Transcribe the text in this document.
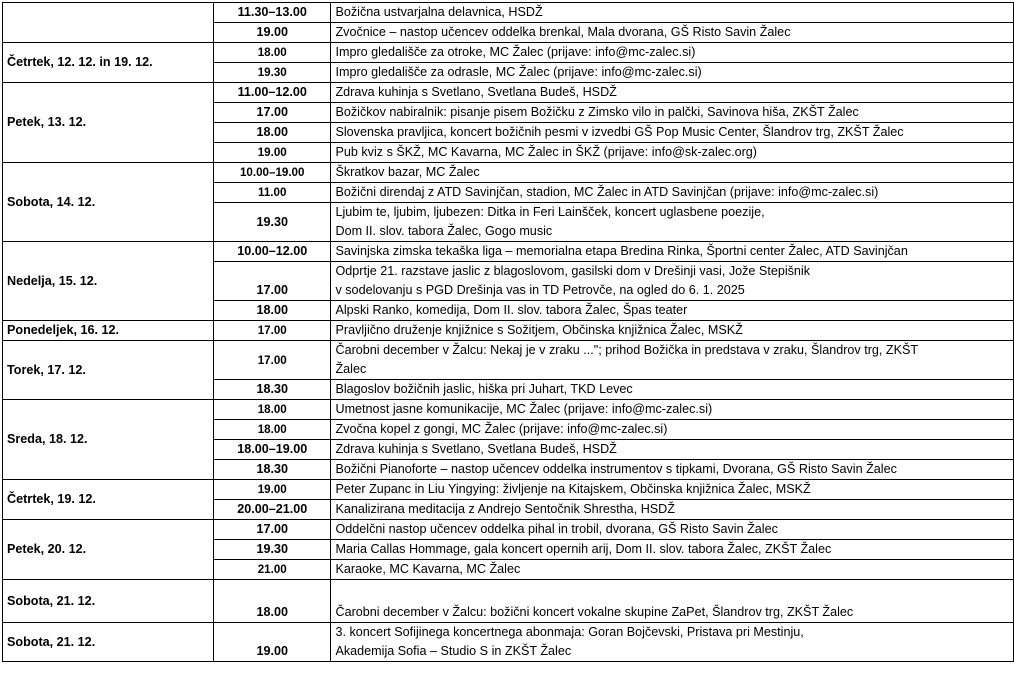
	11.30–13.00	Božična ustvarjalna delavnica, HSDŽ

	19.00	Zvočnice – nastop učencev oddelka brenkal, Mala dvorana, GŠ Risto Savin Žalec

Četrtek, 12. 12. in 19. 12.	18.00	Impro gledališče za otroke, MC Žalec (prijave: info@mc-zalec.si)

	19.30	Impro gledališče za odrasle, MC Žalec (prijave: info@mc-zalec.si)

Petek, 13. 12.	11.00–12.00	Zdrava kuhinja s Svetlano, Svetlana Budeš, HSDŽ

	17.00	Božičkov nabiralnik: pisanje pisem Božičku z Zimsko vilo in palčki, Savinova hiša, ZKŠT Žalec

	18.00	Slovenska pravljica, koncert božičnih pesmi v izvedbi GŠ Pop Music Center, Šlandrov trg, ZKŠT Žalec

	19.00	Pub kviz s ŠKŽ, MC Kavarna, MC Žalec in ŠKŽ (prijave: info@sk-zalec.org)

Sobota, 14. 12.	10.00–19.00	Škratkov bazar, MC Žalec

	11.00	Božični direndaj z ATD Savinjčan, stadion, MC Žalec in ATD Savinjčan (prijave: info@mc-zalec.si)

	19.30	Ljubim te, ljubim, ljubezen: Ditka in Feri Lainšček, koncert uglasbene poezije,
Dom II. slov. tabora Žalec, Gogo music

Nedelja, 15. 12.	10.00–12.00	Savinjska zimska tekaška liga – memorialna etapa Bredina Rinka, Športni center Žalec, ATD Savinjčan

	17.00	Odprtje 21. razstave jaslic z blagoslovom, gasilski dom v Drešinji vasi, Jože Stepišnik
v sodelovanju s PGD Drešinja vas in TD Petrovče, na ogled do 6. 1. 2025

	18.00	Alpski Ranko, komedija, Dom II. slov. tabora Žalec, Špas teater

Ponedeljek, 16. 12.	17.00	Pravljično druženje knjižnice s Sožitjem, Občinska knjižnica Žalec, MSKŽ

Torek, 17. 12.	17.00	Čarobni december v Žalcu: Nekaj je v zraku ..."; prihod Božička in predstava v zraku, Šlandrov trg, ZKŠT
Žalec

	18.30	Blagoslov božičnih jaslic, hiška pri Juhart, TKD Levec

Sreda, 18. 12.	18.00	Umetnost jasne komunikacije, MC Žalec (prijave: info@mc-zalec.si)

	18.00	Zvočna kopel z gongi, MC Žalec (prijave: info@mc-zalec.si)

	18.00–19.00	Zdrava kuhinja s Svetlano, Svetlana Budeš, HSDŽ

	18.30	Božični Pianoforte – nastop učencev oddelka instrumentov s tipkami, Dvorana, GŠ Risto Savin Žalec

Četrtek, 19. 12.	19.00	Peter Zupanc in Liu Yingying: življenje na Kitajskem, Občinska knjižnica Žalec, MSKŽ

	20.00–21.00	Kanalizirana meditacija z Andrejo Sentočnik Shrestha, HSDŽ

Petek, 20. 12.	17.00	Oddelčni nastop učencev oddelka pihal in trobil, dvorana, GŠ Risto Savin Žalec

	19.30	Maria Callas Hommage, gala koncert opernih arij, Dom II. slov. tabora Žalec, ZKŠT Žalec

	21.00	Karaoke, MC Kavarna, MC Žalec

Sobota, 21. 12.	18.00	Čarobni december v Žalcu: božični koncert vokalne skupine ZaPet, Šlandrov trg, ZKŠT Žalec

Sobota, 21. 12.	19.00	3. koncert Sofijinega koncertnega abonmaja: Goran Bojčevski, Pristava pri Mestinju,
Akademija Sofia – Studio S in ZKŠT Žalec
